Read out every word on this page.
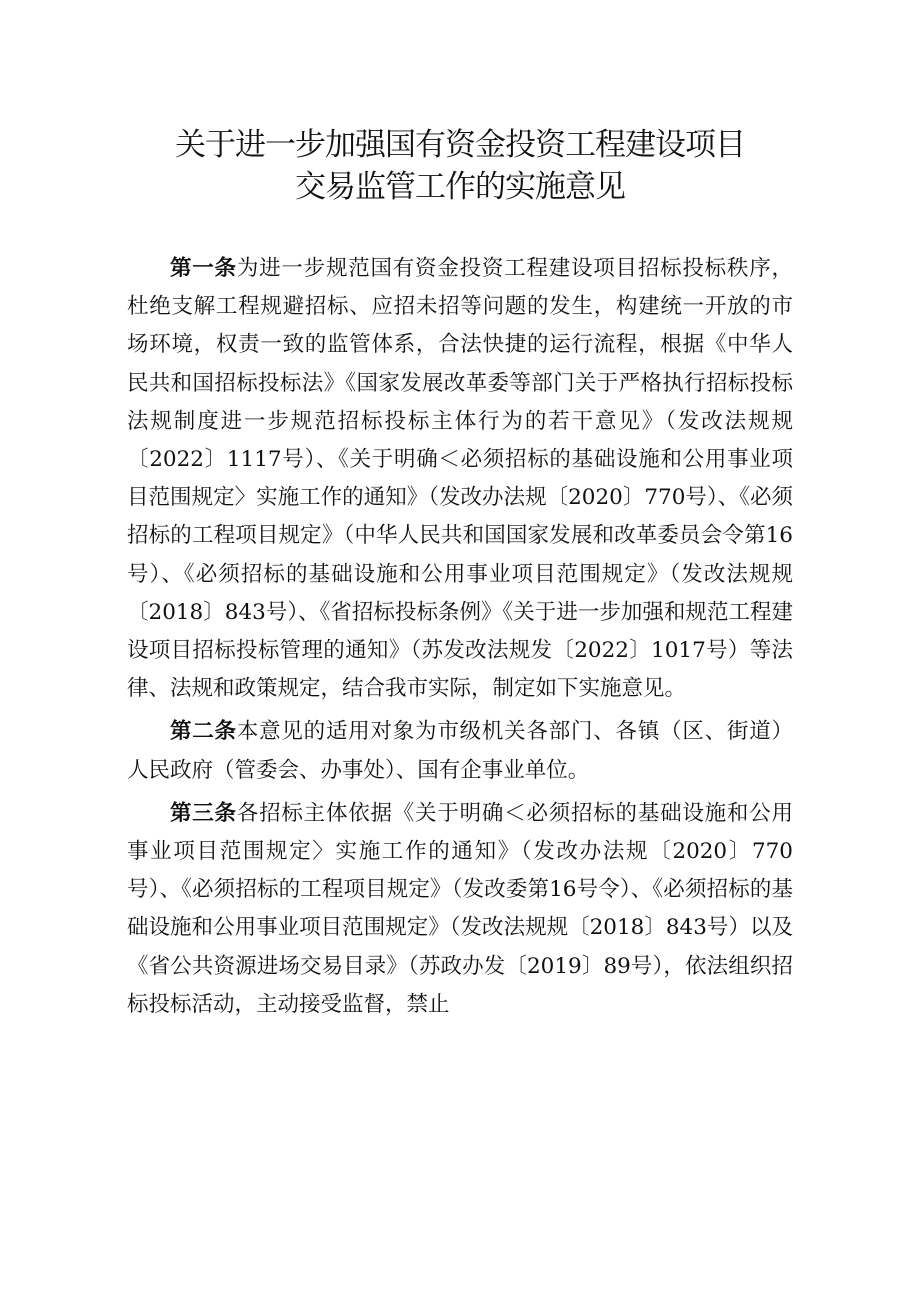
关于进一步加强国有资金投资工程建设项目
交易监管工作的实施意见

第一条为进一步规范国有资金投资工程建设项目招标投标秩序，杜绝支解工程规避招标、应招未招等问题的发生，构建统一开放的市场环境，权责一致的监管体系，合法快捷的运行流程，根据《中华人民共和国招标投标法》《国家发展改革委等部门关于严格执行招标投标法规制度进一步规范招标投标主体行为的若干意见》（发改法规规〔2022〕1117号）、《关于明确＜必须招标的基础设施和公用事业项目范围规定〉实施工作的通知》（发改办法规〔2020〕770号）、《必须招标的工程项目规定》（中华人民共和国国家发展和改革委员会令第16号）、《必须招标的基础设施和公用事业项目范围规定》（发改法规规〔2018〕843号）、《省招标投标条例》《关于进一步加强和规范工程建设项目招标投标管理的通知》（苏发改法规发〔2022〕1017号）等法律、法规和政策规定，结合我市实际，制定如下实施意见。

第二条本意见的适用对象为市级机关各部门、各镇（区、街道）人民政府（管委会、办事处）、国有企事业单位。

第三条各招标主体依据《关于明确＜必须招标的基础设施和公用事业项目范围规定〉实施工作的通知》（发改办法规〔2020〕770号）、《必须招标的工程项目规定》（发改委第16号令）、《必须招标的基础设施和公用事业项目范围规定》（发改法规规〔2018〕843号）以及《省公共资源进场交易目录》（苏政办发〔2019〕89号），依法组织招标投标活动，主动接受监督，禁止
